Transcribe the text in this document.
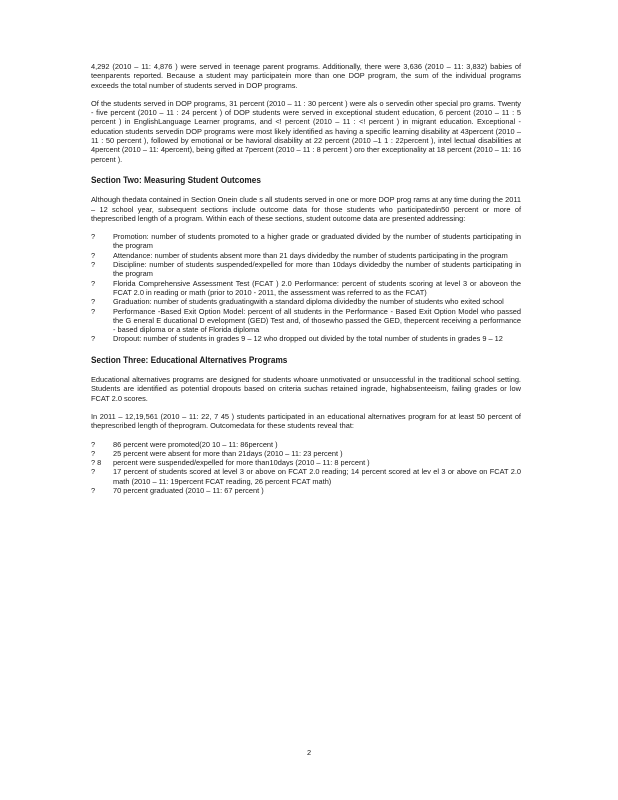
4,292 (2010 – 11: 4,876 ) were served in teenage parent programs. Additionally, there were 3,636 (2010 – 11: 3,832) babies of teenparents reported. Because a student may participatein more than one DOP program, the sum of the individual programs exceeds the total number of students served in DOP programs.

Of the students served in DOP programs, 31 percent (2010 – 11 : 30 percent ) were als o servedin other special pro grams. Twenty - five percent (2010 – 11 : 24 percent ) of DOP students were served in exceptional student education, 6 percent (2010 – 11 : 5 percent ) in EnglishLanguage Learner programs, and <! percent (2010 – 11 : <! percent ) in migrant education. Exceptional - education students servedin DOP programs were most likely identified as having a specific learning disability at 43percent (2010 – 11 : 50 percent ), followed by emotional or be havioral disability at 22 percent (2010 –1 1 : 22percent ), intel lectual disabilities at 4percent (2010 – 11: 4percent), being gifted at 7percent (2010 – 11 : 8 percent ) oro ther exceptionality at 18 percent (2010 – 11: 16 percent ).

Section Two: Measuring Student Outcomes

Although thedata contained in Section Onein clude s all students served in one or more DOP prog rams at any time during the 2011 – 12 school year, subsequent sections include outcome data for those students who participatedin50 percent or more of theprescribed length of a program. Within each of these sections, student outcome data are presented addressing:

? Promotion: number of students promoted to a higher grade or graduated divided by the number of students participating in the program
? Attendance: number of students absent more than 21 days dividedby the number of students participating in the program
? Discipline: number of students suspended/expelled for more than 10days dividedby the number of students participating in the program
? Florida Comprehensive Assessment Test (FCAT ) 2.0 Performance: percent of students scoring at level 3 or aboveon the FCAT 2.0 in reading or math (prior to 2010 - 2011, the assessment was referred to as the FCAT)
? Graduation: number of students graduatingwith a standard diploma dividedby the number of students who exited school
? Performance -Based Exit Option Model: percent of all students in the Performance - Based Exit Option Model who passed the G eneral E ducational D evelopment (GED) Test and, of thosewho passed the GED, thepercent receiving a performance - based diploma or a state of Florida diploma
? Dropout: number of students in grades 9 – 12 who dropped out divided by the total number of students in grades 9 – 12
Section Three: Educational Alternatives Programs

Educational alternatives programs are designed for students whoare unmotivated or unsuccessful in the traditional school setting. Students are identified as potential dropouts based on criteria suchas retained ingrade, highabsenteeism, failing grades or low FCAT 2.0 scores.

In 2011 – 12,19,561 (2010 – 11: 22, 7 45 ) students participated in an educational alternatives program for at least 50 percent of theprescribed length of theprogram. Outcomedata for these students reveal that:

? 86 percent were promoted(20 10 – 11: 86percent )
? 25 percent were absent for more than 21days (2010 – 11: 23 percent )
? 8 percent were suspended/expelled for more than10days (2010 – 11: 8 percent )
? 17 percent of students scored at level 3 or above on FCAT 2.0 reading; 14 percent scored at lev el 3 or above on FCAT 2.0 math (2010 – 11: 19percent FCAT reading, 26 percent FCAT math)
? 70 percent graduated (2010 – 11: 67 percent )
2
